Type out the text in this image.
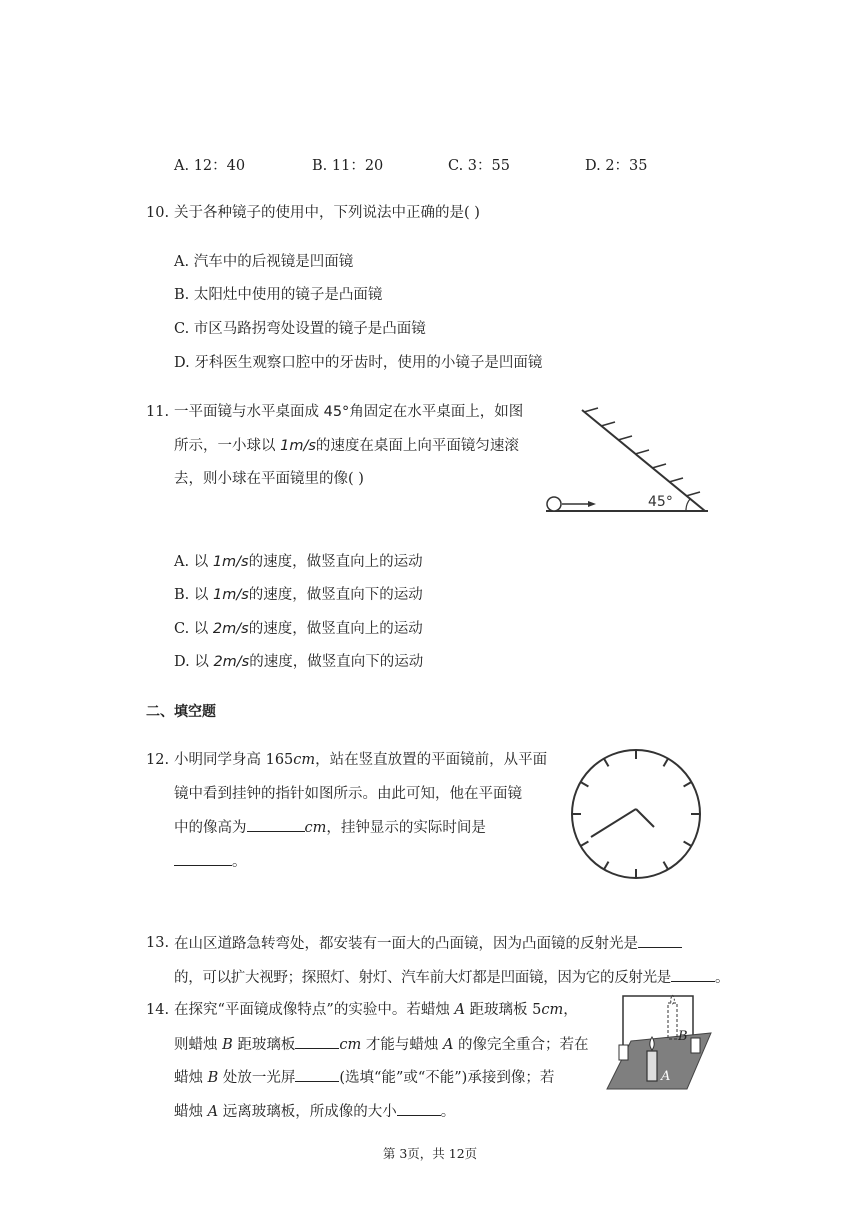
A. 12：40	B. 11：20	C. 3：55	D. 2：35
10. 关于各种镜子的使用中，下列说法中正确的是( )
A. 汽车中的后视镜是凹面镜
B. 太阳灶中使用的镜子是凸面镜
C. 市区马路拐弯处设置的镜子是凸面镜
D. 牙科医生观察口腔中的牙齿时，使用的小镜子是凹面镜
11. 一平面镜与水平桌面成 45°角固定在水平桌面上，如图
所示，一小球以 1m/s的速度在桌面上向平面镜匀速滚
去，则小球在平面镜里的像( )
45°
A. 以 1m/s的速度，做竖直向上的运动
B. 以 1m/s的速度，做竖直向下的运动
C. 以 2m/s的速度，做竖直向上的运动
D. 以 2m/s的速度，做竖直向下的运动
二、填空题
12. 小明同学身高 165cm，站在竖直放置的平面镜前，从平面
镜中看到挂钟的指针如图所示。由此可知，他在平面镜
中的像高为	cm，挂钟显示的实际时间是
。
13. 在山区道路急转弯处，都安装有一面大的凸面镜，因为凸面镜的反射光是
的，可以扩大视野；探照灯、射灯、汽车前大灯都是凹面镜，因为它的反射光是	。
14. 在探究“平面镜成像特点”的实验中。若蜡烛 A 距玻璃板 5cm，
则蜡烛 B 距玻璃板	cm 才能与蜡烛 A 的像完全重合；若在
蜡烛 B 处放一光屏	(选填“能”或“不能”)承接到像；若
蜡烛 A 远离玻璃板，所成像的大小	。
B
A
第 3页，共 12页
